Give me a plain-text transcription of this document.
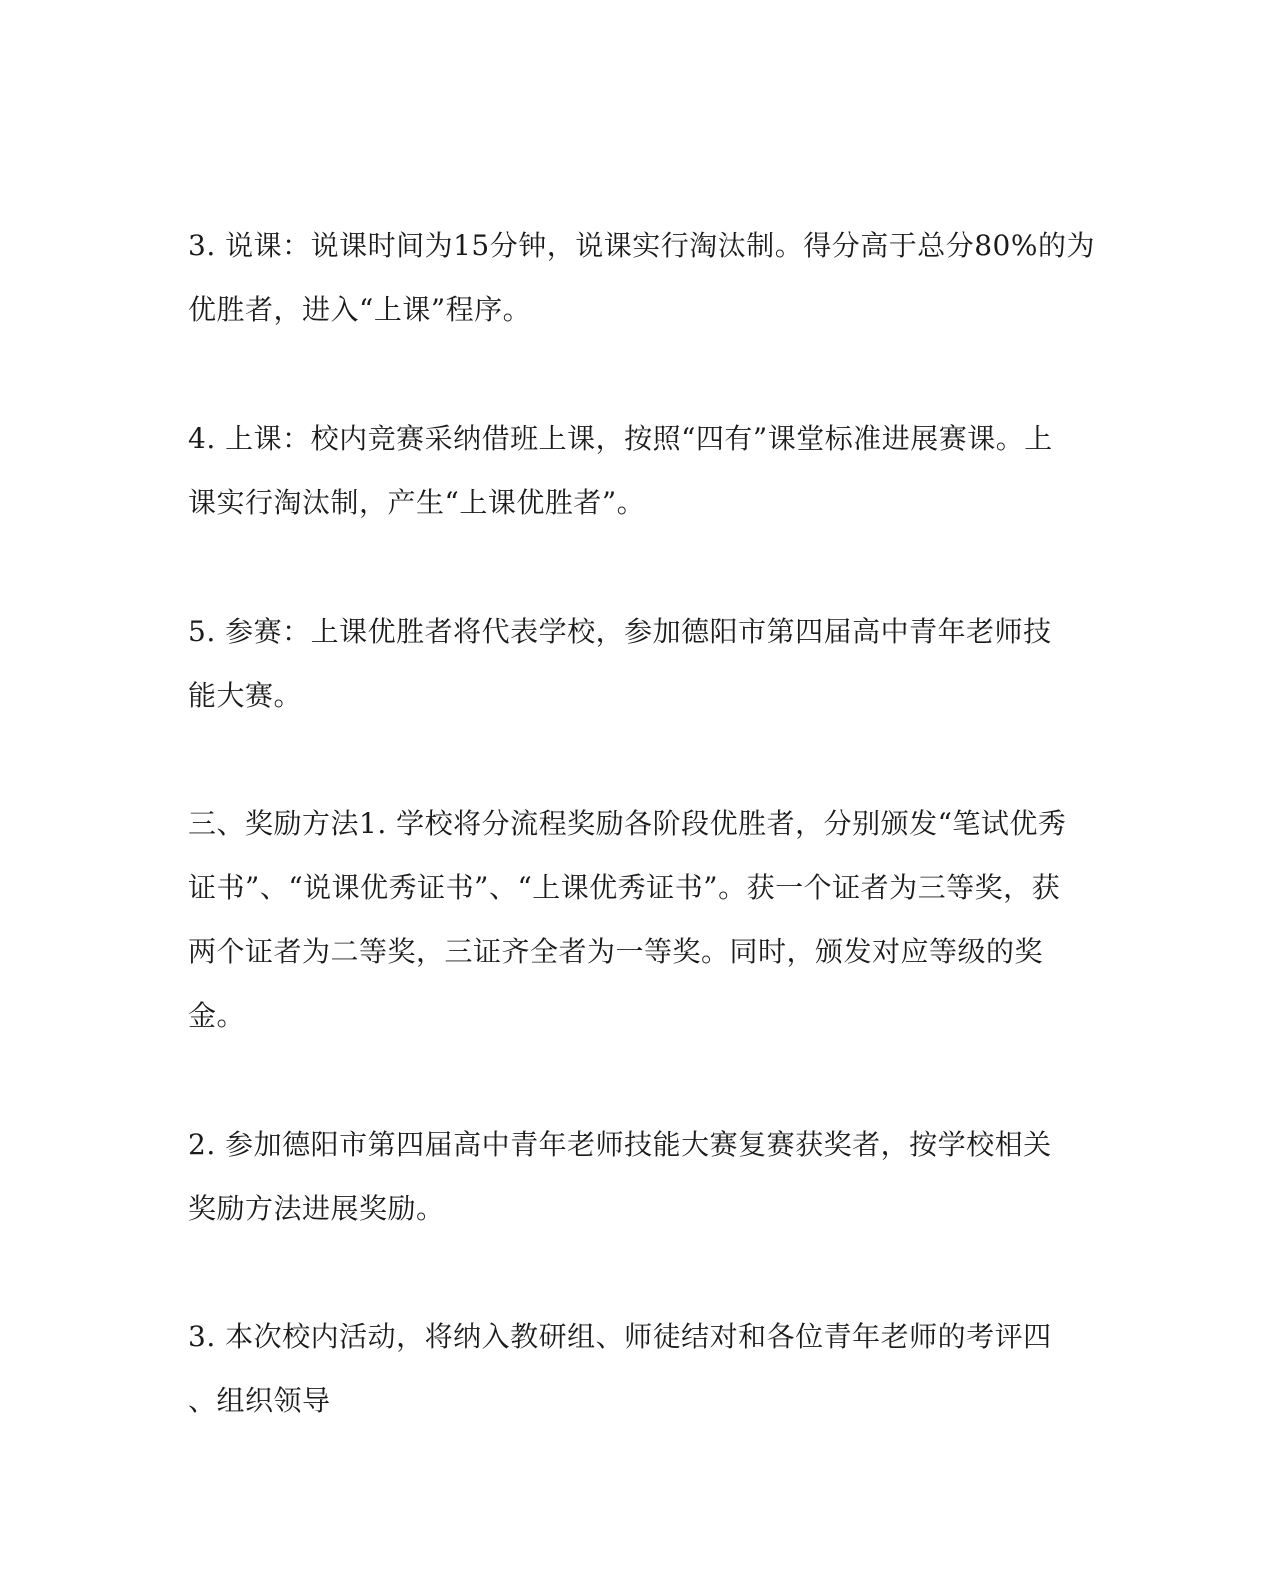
3. 说课：说课时间为15分钟，说课实行淘汰制。得分高于总分80%的为
优胜者，进入“上课”程序。
4. 上课：校内竞赛采纳借班上课，按照“四有”课堂标准进展赛课。上
课实行淘汰制，产生“上课优胜者”。
5. 参赛：上课优胜者将代表学校，参加德阳市第四届高中青年老师技
能大赛。
三、奖励方法1. 学校将分流程奖励各阶段优胜者，分别颁发“笔试优秀
证书”、“说课优秀证书”、“上课优秀证书”。获一个证者为三等奖，获
两个证者为二等奖，三证齐全者为一等奖。同时，颁发对应等级的奖
金。
2. 参加德阳市第四届高中青年老师技能大赛复赛获奖者，按学校相关
奖励方法进展奖励。
3. 本次校内活动，将纳入教研组、师徒结对和各位青年老师的考评四
、组织领导
